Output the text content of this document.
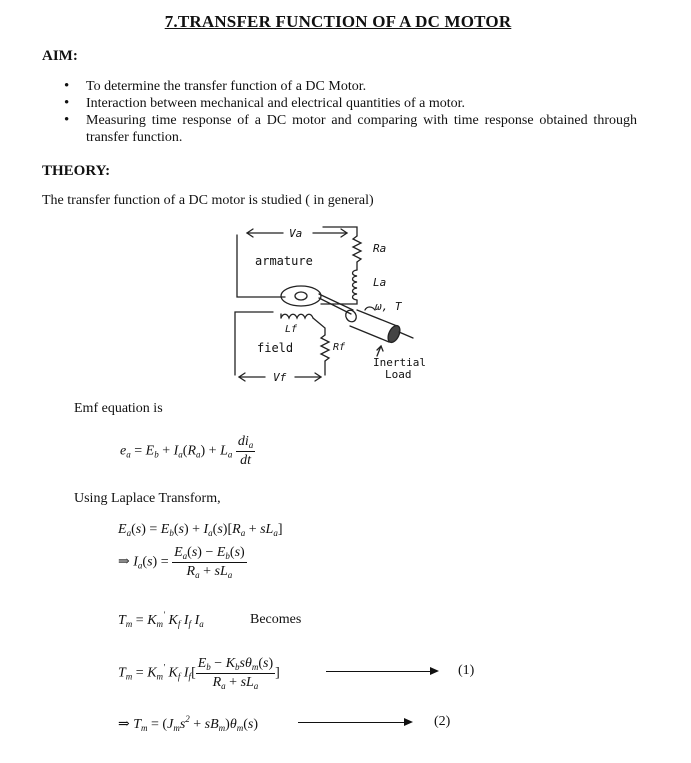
7.TRANSFER FUNCTION OF A DC MOTOR
AIM:
• To determine the transfer function of a DC Motor.
• Interaction between mechanical and electrical quantities of a motor.
• Measuring time response of a DC motor and comparing with time response obtained through transfer function.
THEORY:
The transfer function of a DC motor is studied ( in general)
Va
Ra
armature
La
ω, T
Lf
field	Rf
Inertial
Load
Vf
Emf equation is
$e_a = E_b + I_a(R_a) + L_a \frac{di_a}{dt}$
Using Laplace Transform,
$E_a(s) = E_b(s) + I_a(s)[R_a + sL_a]$
⇒ $I_a(s) = \frac{E_a(s) - E_b(s)}{R_a + sL_a}$
$T_m = K_m'$ $K_f$ $I_f$ $I_a$	Becomes
$T_m = K_m'$ $K_f$ $I_f[ \frac{E_b - K_bs\theta_m(s)}{R_a + sL_a}$ ]	(1)
⇒ $T_m = (J_ms^2 + sB_m)\theta_m(s)$	(2)
